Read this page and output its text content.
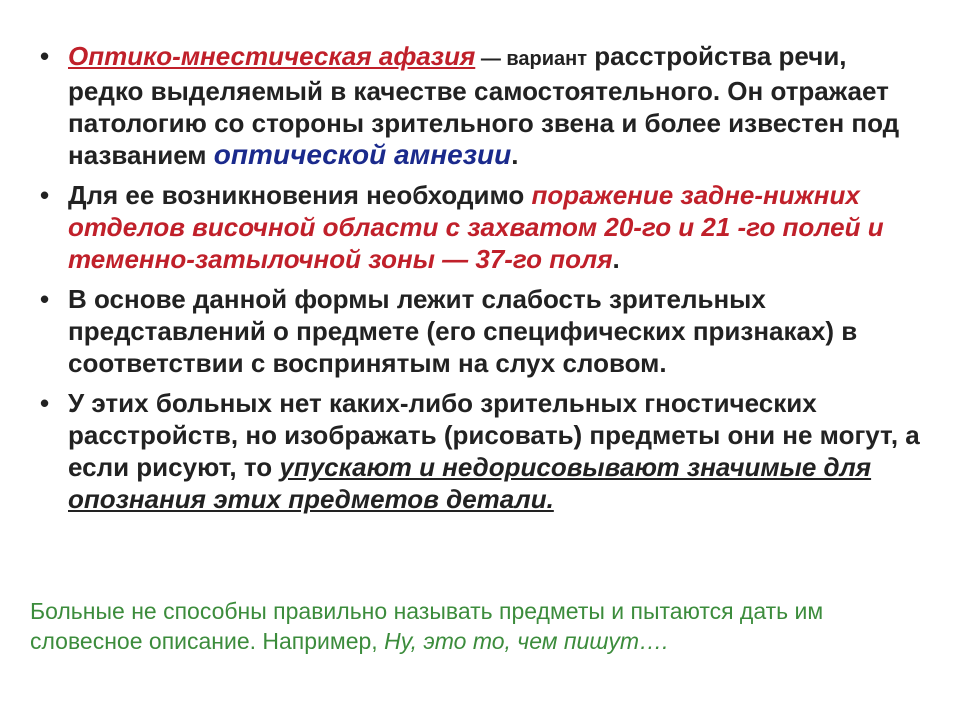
• Оптико-мнестическая афазия — вариант расстройства речи, редко выделяемый в качестве самостоятельного. Он отражает патологию со стороны зрительного звена и более известен под названием оптической амнезии.
• Для ее возникновения необходимо поражение задне-нижних отделов височной области с захватом 20-го и 21 -го полей и теменно-затылочной зоны — 37-го поля.
• В основе данной формы лежит слабость зрительных представлений о предмете (его специфических признаках) в соответствии с воспринятым на слух словом.
• У этих больных нет каких-либо зрительных гностических расстройств, но изображать (рисовать) предметы они не могут, а если рисуют, то упускают и недорисовывают значимые для опознания этих предметов детали.
Больные не способны правильно называть предметы и пытаются дать им словесное описание. Например, Ну, это то, чем пишут….
